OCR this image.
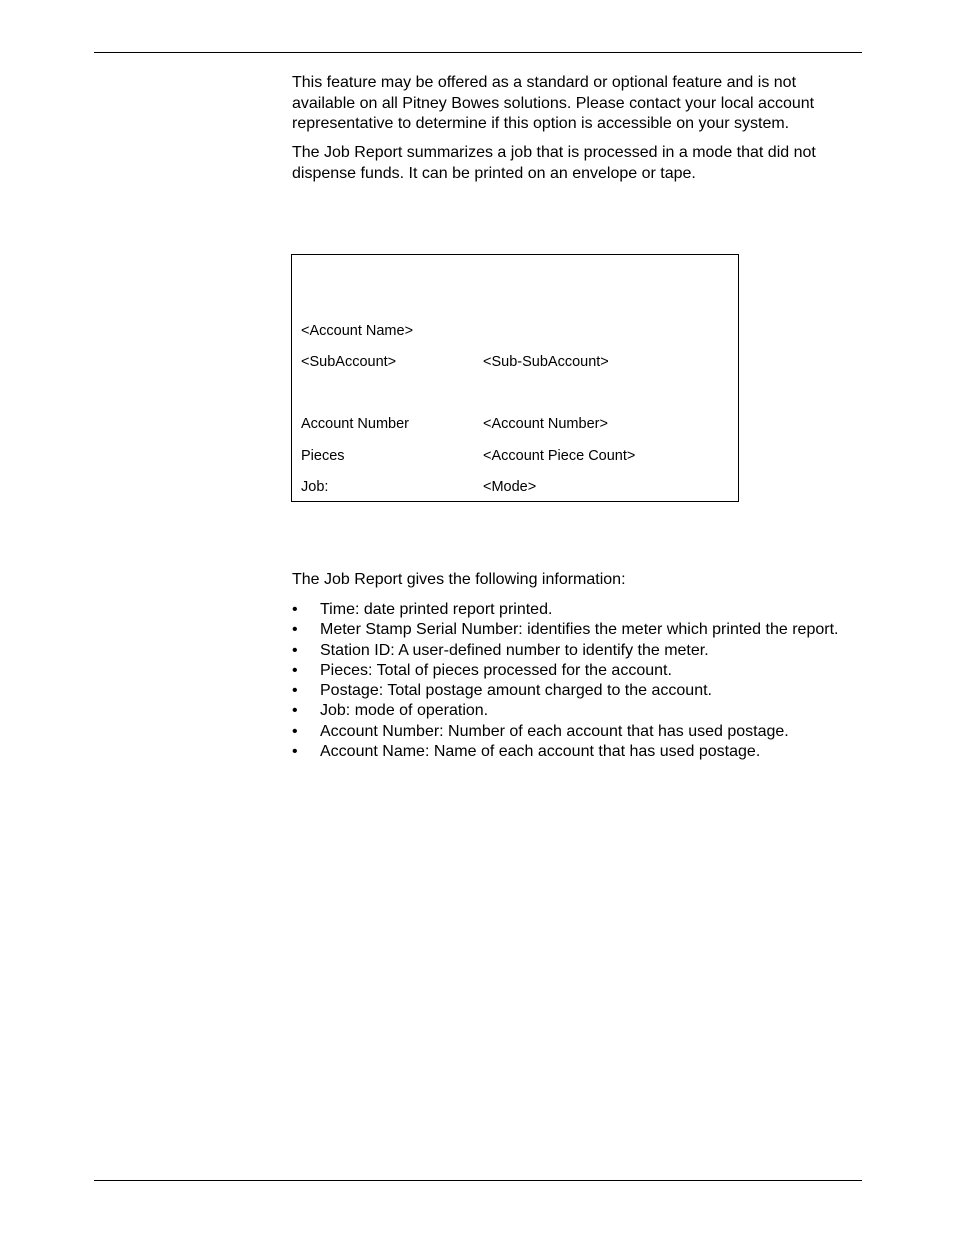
This feature may be offered as a standard or optional feature and is not available on all Pitney Bowes solutions. Please contact your local account representative to determine if this option is accessible on your system.

The Job Report summarizes a job that is processed in a mode that did not dispense funds. It can be printed on an envelope or tape.

<Account Name>
<SubAccount>	<Sub-SubAccount>
Account Number	<Account Number>
Pieces	<Account Piece Count>
Job:	<Mode>

The Job Report gives the following information:

• Time: date printed report printed.
• Meter Stamp Serial Number: identifies the meter which printed the report.
• Station ID: A user-defined number to identify the meter.
• Pieces: Total of pieces processed for the account.
• Postage: Total postage amount charged to the account.
• Job: mode of operation.
• Account Number: Number of each account that has used postage.
• Account Name: Name of each account that has used postage.
